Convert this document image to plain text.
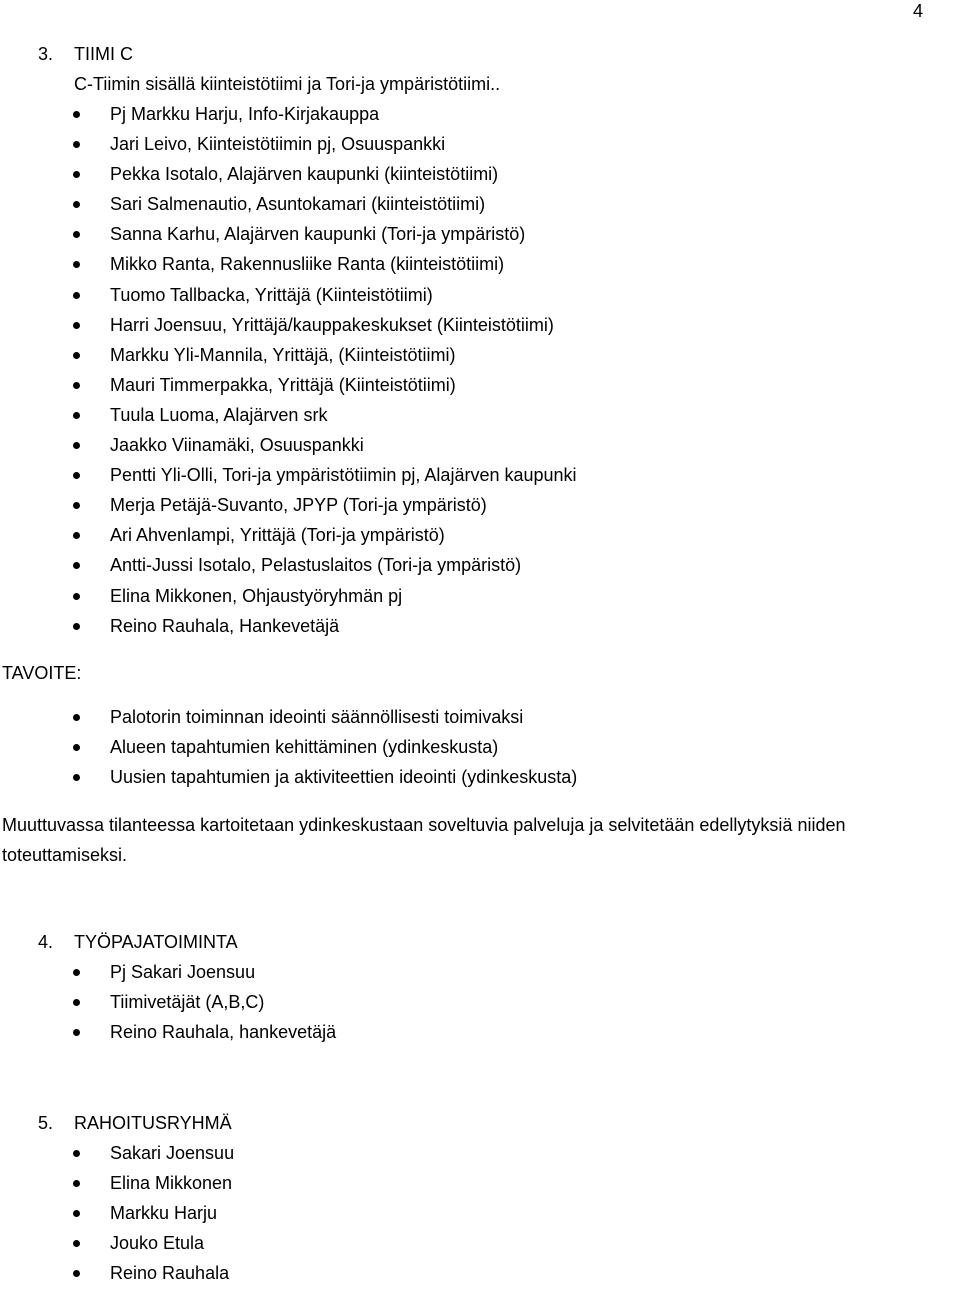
4
3. TIIMI C
C-Tiimin sisällä kiinteistötiimi ja Tori-ja ympäristötiimi..
Pj Markku Harju, Info-Kirjakauppa
Jari Leivo, Kiinteistötiimin pj, Osuuspankki
Pekka Isotalo, Alajärven kaupunki (kiinteistötiimi)
Sari Salmenautio, Asuntokamari (kiinteistötiimi)
Sanna Karhu, Alajärven kaupunki (Tori-ja ympäristö)
Mikko Ranta, Rakennusliike Ranta (kiinteistötiimi)
Tuomo Tallbacka, Yrittäjä (Kiinteistötiimi)
Harri Joensuu, Yrittäjä/kauppakeskukset (Kiinteistötiimi)
Markku Yli-Mannila, Yrittäjä, (Kiinteistötiimi)
Mauri Timmerpakka, Yrittäjä (Kiinteistötiimi)
Tuula Luoma, Alajärven srk
Jaakko Viinamäki, Osuuspankki
Pentti Yli-Olli, Tori-ja ympäristötiimin pj, Alajärven kaupunki
Merja Petäjä-Suvanto, JPYP (Tori-ja ympäristö)
Ari Ahvenlampi, Yrittäjä (Tori-ja ympäristö)
Antti-Jussi Isotalo, Pelastuslaitos (Tori-ja ympäristö)
Elina Mikkonen, Ohjaustyöryhmän pj
Reino Rauhala, Hankevetäjä
TAVOITE:
Palotorin toiminnan ideointi säännöllisesti toimivaksi
Alueen tapahtumien kehittäminen (ydinkeskusta)
Uusien tapahtumien ja aktiviteettien ideointi (ydinkeskusta)
Muuttuvassa tilanteessa kartoitetaan ydinkeskustaan soveltuvia palveluja ja selvitetään edellytyksiä niiden toteuttamiseksi.
4. TYÖPAJATOIMINTA
Pj Sakari Joensuu
Tiimivetäjät (A,B,C)
Reino Rauhala, hankevetäjä
5. RAHOITUSRYHMÄ
Sakari Joensuu
Elina Mikkonen
Markku Harju
Jouko Etula
Reino Rauhala
